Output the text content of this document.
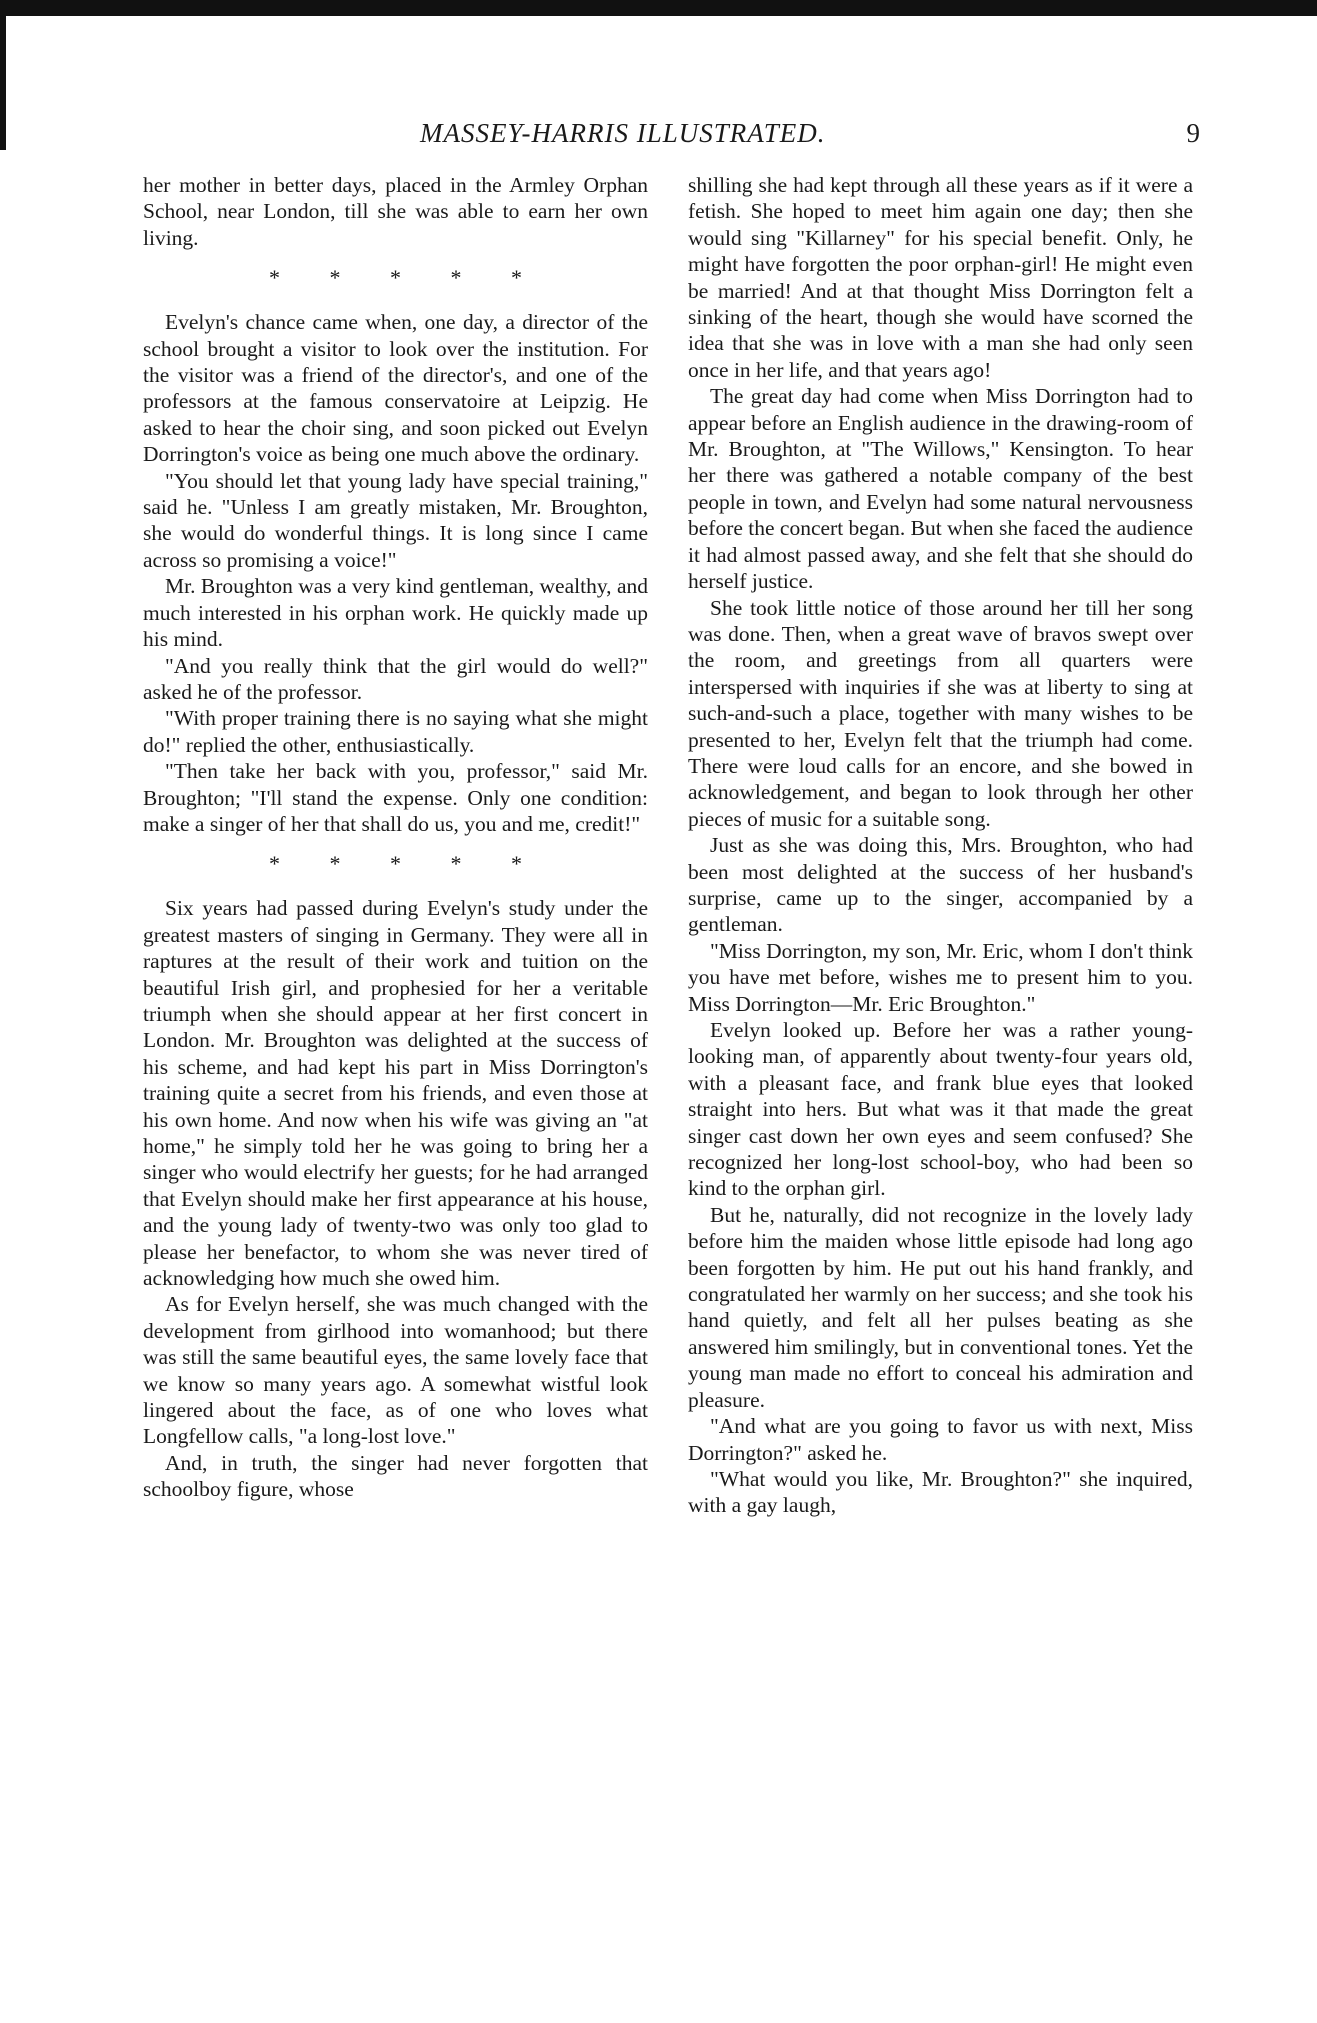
MASSEY-HARRIS ILLUSTRATED.	9

her mother in better days, placed in the Armley Orphan School, near London, till she was able to earn her own living.

* * * * *

Evelyn's chance came when, one day, a director of the school brought a visitor to look over the institution. For the visitor was a friend of the director's, and one of the professors at the famous conservatoire at Leipzig. He asked to hear the choir sing, and soon picked out Evelyn Dorrington's voice as being one much above the ordinary.

"You should let that young lady have special training," said he. "Unless I am greatly mistaken, Mr. Broughton, she would do wonderful things. It is long since I came across so promising a voice!"

Mr. Broughton was a very kind gentleman, wealthy, and much interested in his orphan work. He quickly made up his mind.

"And you really think that the girl would do well?" asked he of the professor.

"With proper training there is no saying what she might do!" replied the other, enthusiastically.

"Then take her back with you, professor," said Mr. Broughton; "I'll stand the expense. Only one condition: make a singer of her that shall do us, you and me, credit!"

* * * * *

Six years had passed during Evelyn's study under the greatest masters of singing in Germany. They were all in raptures at the result of their work and tuition on the beautiful Irish girl, and prophesied for her a veritable triumph when she should appear at her first concert in London. Mr. Broughton was delighted at the success of his scheme, and had kept his part in Miss Dorrington's training quite a secret from his friends, and even those at his own home. And now when his wife was giving an "at home," he simply told her he was going to bring her a singer who would electrify her guests; for he had arranged that Evelyn should make her first appearance at his house, and the young lady of twenty-two was only too glad to please her benefactor, to whom she was never tired of acknowledging how much she owed him.

As for Evelyn herself, she was much changed with the development from girlhood into womanhood; but there was still the same beautiful eyes, the same lovely face that we know so many years ago. A somewhat wistful look lingered about the face, as of one who loves what Longfellow calls, "a long-lost love."

And, in truth, the singer had never forgotten that schoolboy figure, whose

shilling she had kept through all these years as if it were a fetish. She hoped to meet him again one day; then she would sing "Killarney" for his special benefit. Only, he might have forgotten the poor orphan-girl! He might even be married! And at that thought Miss Dorrington felt a sinking of the heart, though she would have scorned the idea that she was in love with a man she had only seen once in her life, and that years ago!

The great day had come when Miss Dorrington had to appear before an English audience in the drawing-room of Mr. Broughton, at "The Willows," Kensington. To hear her there was gathered a notable company of the best people in town, and Evelyn had some natural nervousness before the concert began. But when she faced the audience it had almost passed away, and she felt that she should do herself justice.

She took little notice of those around her till her song was done. Then, when a great wave of bravos swept over the room, and greetings from all quarters were interspersed with inquiries if she was at liberty to sing at such-and-such a place, together with many wishes to be presented to her, Evelyn felt that the triumph had come. There were loud calls for an encore, and she bowed in acknowledgement, and began to look through her other pieces of music for a suitable song.

Just as she was doing this, Mrs. Broughton, who had been most delighted at the success of her husband's surprise, came up to the singer, accompanied by a gentleman.

"Miss Dorrington, my son, Mr. Eric, whom I don't think you have met before, wishes me to present him to you. Miss Dorrington—Mr. Eric Broughton."

Evelyn looked up. Before her was a rather young-looking man, of apparently about twenty-four years old, with a pleasant face, and frank blue eyes that looked straight into hers. But what was it that made the great singer cast down her own eyes and seem confused? She recognized her long-lost school-boy, who had been so kind to the orphan girl.

But he, naturally, did not recognize in the lovely lady before him the maiden whose little episode had long ago been forgotten by him. He put out his hand frankly, and congratulated her warmly on her success; and she took his hand quietly, and felt all her pulses beating as she answered him smilingly, but in conventional tones. Yet the young man made no effort to conceal his admiration and pleasure.

"And what are you going to favor us with next, Miss Dorrington?" asked he.

"What would you like, Mr. Broughton?" she inquired, with a gay laugh,
